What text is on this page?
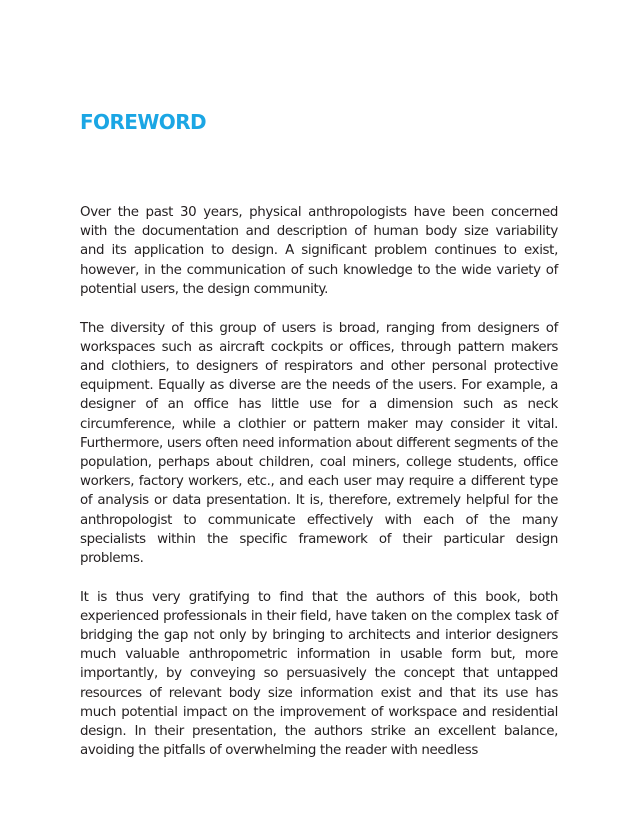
FOREWORD

Over the past 30 years, physical anthropologists have been concerned with the documentation and description of human body size variability and its application to design. A significant problem continues to exist, however, in the communication of such knowledge to the wide variety of potential users, the design community.

The diversity of this group of users is broad, ranging from designers of workspaces such as aircraft cockpits or offices, through pattern makers and clothiers, to designers of respirators and other personal protective equipment. Equally as diverse are the needs of the users. For example, a designer of an office has little use for a dimension such as neck circumference, while a clothier or pattern maker may consider it vital. Furthermore, users often need information about different segments of the population, perhaps about children, coal miners, college students, office workers, factory workers, etc., and each user may require a different type of analysis or data presentation. It is, therefore, extremely helpful for the anthropologist to communicate effectively with each of the many specialists within the specific framework of their particular design problems.

It is thus very gratifying to find that the authors of this book, both experienced professionals in their field, have taken on the complex task of bridging the gap not only by bringing to architects and interior designers much valuable anthropometric information in usable form but, more importantly, by conveying so persuasively the concept that untapped resources of relevant body size information exist and that its use has much potential impact on the improvement of workspace and residential design. In their presentation, the authors strike an excellent balance, avoiding the pitfalls of overwhelming the reader with needless
